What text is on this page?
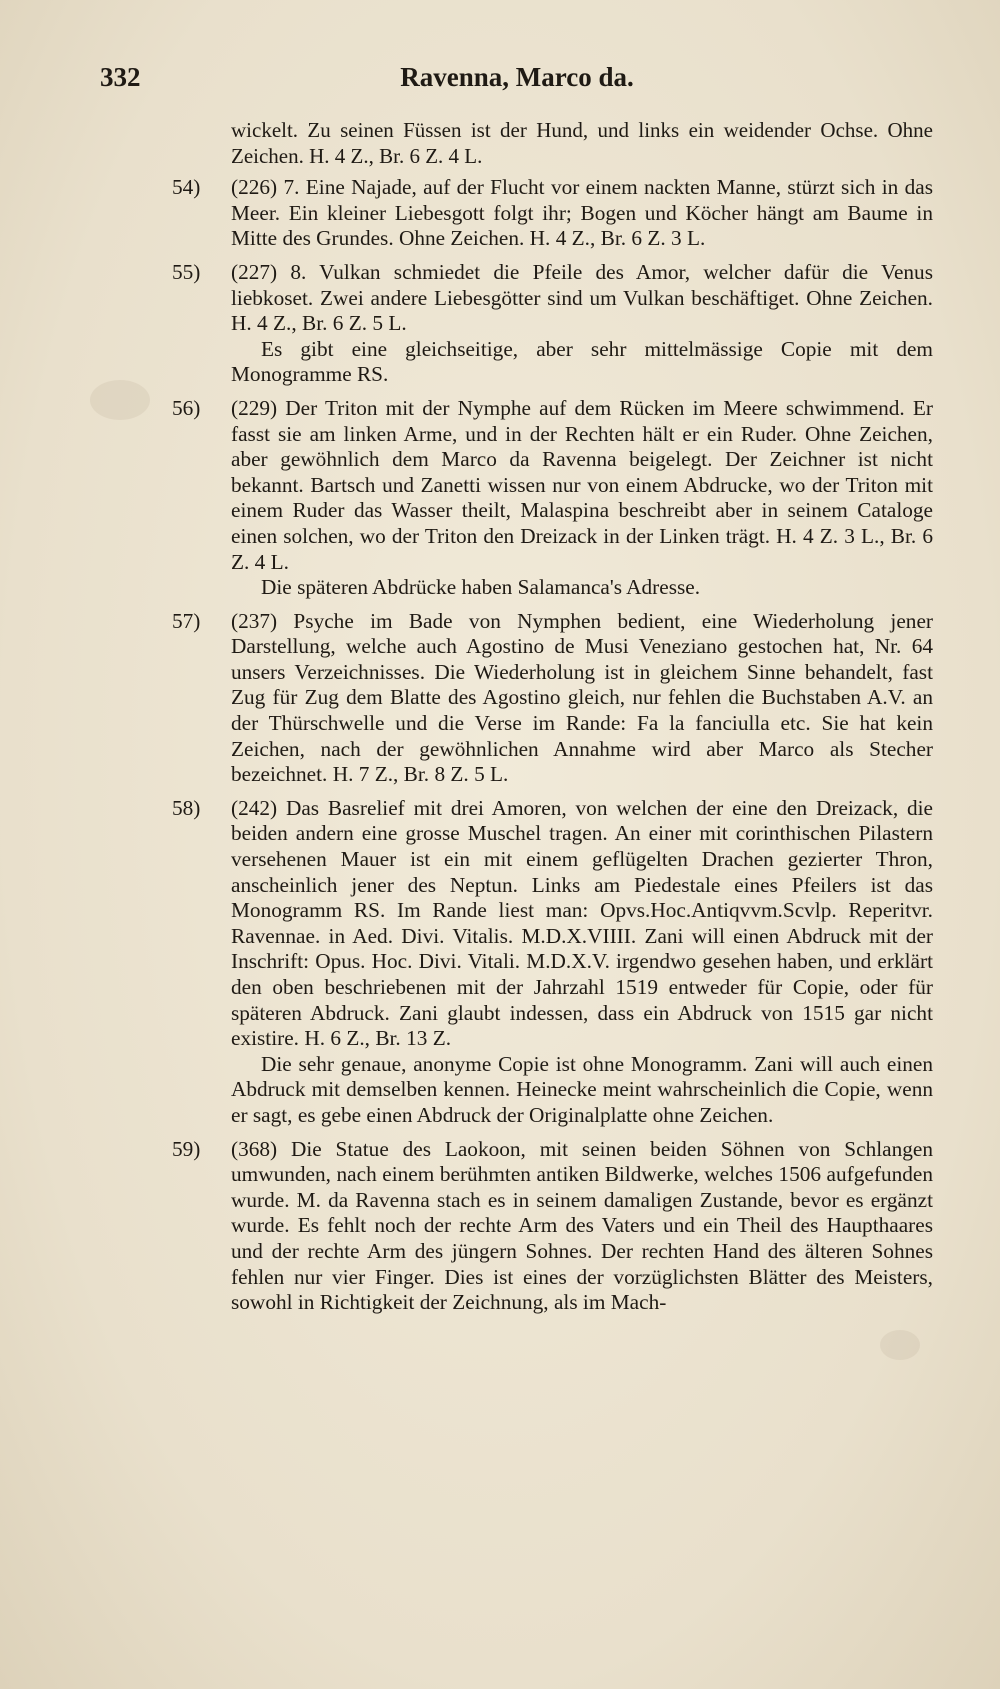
332	Ravenna, Marco da.

wickelt. Zu seinen Füssen ist der Hund, und links ein weidender Ochse. Ohne Zeichen. H. 4 Z., Br. 6 Z. 4 L.

54)	(226) 7. Eine Najade, auf der Flucht vor einem nackten Manne, stürzt sich in das Meer. Ein kleiner Liebesgott folgt ihr; Bogen und Köcher hängt am Baume in Mitte des Grundes. Ohne Zeichen. H. 4 Z., Br. 6 Z. 3 L.

55)	(227) 8. Vulkan schmiedet die Pfeile des Amor, welcher dafür die Venus liebkoset. Zwei andere Liebesgötter sind um Vulkan beschäftiget. Ohne Zeichen. H. 4 Z., Br. 6 Z. 5 L.

Es gibt eine gleichseitige, aber sehr mittelmässige Copie mit dem Monogramme RS.

56)	(229) Der Triton mit der Nymphe auf dem Rücken im Meere schwimmend. Er fasst sie am linken Arme, und in der Rechten hält er ein Ruder. Ohne Zeichen, aber gewöhnlich dem Marco da Ravenna beigelegt. Der Zeichner ist nicht bekannt. Bartsch und Zanetti wissen nur von einem Abdrucke, wo der Triton mit einem Ruder das Wasser theilt, Malaspina beschreibt aber in seinem Cataloge einen solchen, wo der Triton den Dreizack in der Linken trägt. H. 4 Z. 3 L., Br. 6 Z. 4 L.

Die späteren Abdrücke haben Salamanca's Adresse.

57)	(237) Psyche im Bade von Nymphen bedient, eine Wiederholung jener Darstellung, welche auch Agostino de Musi Veneziano gestochen hat, Nr. 64 unsers Verzeichnisses. Die Wiederholung ist in gleichem Sinne behandelt, fast Zug für Zug dem Blatte des Agostino gleich, nur fehlen die Buchstaben A.V. an der Thürschwelle und die Verse im Rande: Fa la fanciulla etc. Sie hat kein Zeichen, nach der gewöhnlichen Annahme wird aber Marco als Stecher bezeichnet. H. 7 Z., Br. 8 Z. 5 L.

58)	(242) Das Basrelief mit drei Amoren, von welchen der eine den Dreizack, die beiden andern eine grosse Muschel tragen. An einer mit corinthischen Pilastern versehenen Mauer ist ein mit einem geflügelten Drachen gezierter Thron, anscheinlich jener des Neptun. Links am Piedestale eines Pfeilers ist das Monogramm RS. Im Rande liest man: Opvs.Hoc.Antiqvvm.Scvlp. Reperitvr. Ravennae. in Aed. Divi. Vitalis. M.D.X.VIIII. Zani will einen Abdruck mit der Inschrift: Opus. Hoc. Divi. Vitali. M.D.X.V. irgendwo gesehen haben, und erklärt den oben beschriebenen mit der Jahrzahl 1519 entweder für Copie, oder für späteren Abdruck. Zani glaubt indessen, dass ein Abdruck von 1515 gar nicht existire. H. 6 Z., Br. 13 Z.

Die sehr genaue, anonyme Copie ist ohne Monogramm. Zani will auch einen Abdruck mit demselben kennen. Heinecke meint wahrscheinlich die Copie, wenn er sagt, es gebe einen Abdruck der Originalplatte ohne Zeichen.

59)	(368) Die Statue des Laokoon, mit seinen beiden Söhnen von Schlangen umwunden, nach einem berühmten antiken Bildwerke, welches 1506 aufgefunden wurde. M. da Ravenna stach es in seinem damaligen Zustande, bevor es ergänzt wurde. Es fehlt noch der rechte Arm des Vaters und ein Theil des Haupthaares und der rechte Arm des jüngern Sohnes. Der rechten Hand des älteren Sohnes fehlen nur vier Finger. Dies ist eines der vorzüglichsten Blätter des Meisters, sowohl in Richtigkeit der Zeichnung, als im Mach-
